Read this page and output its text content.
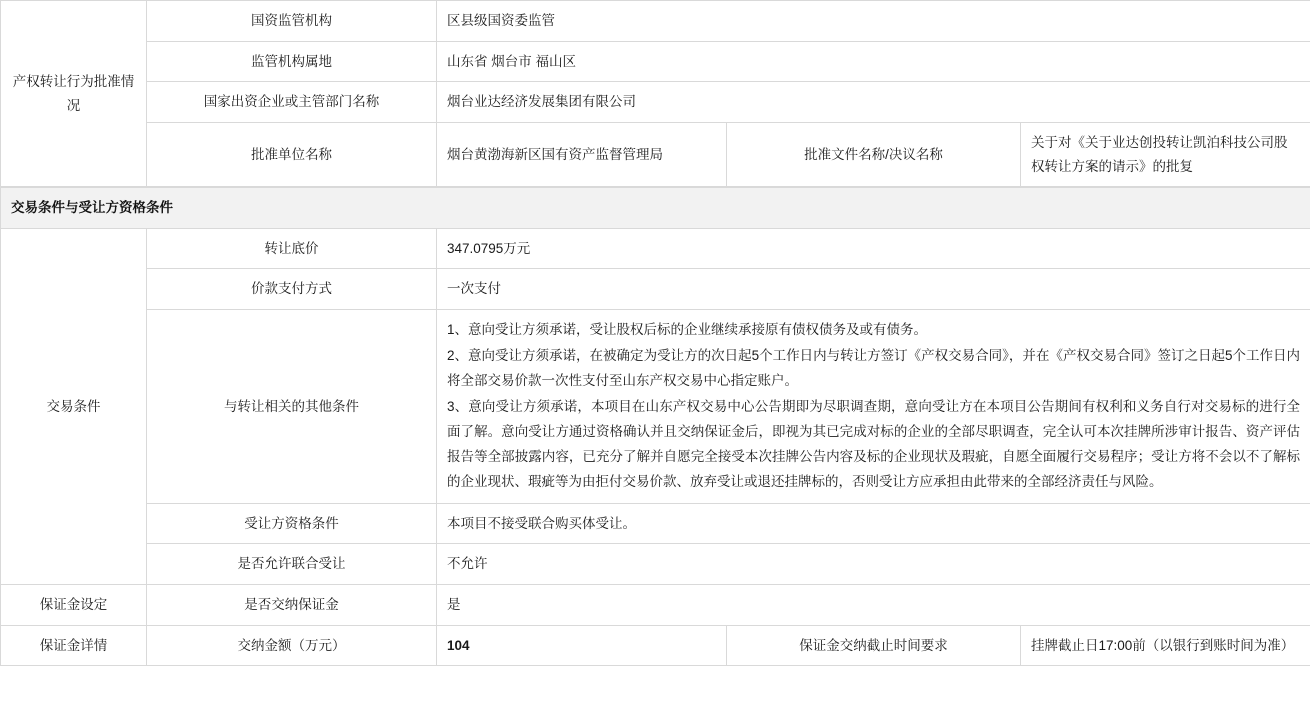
产权转让行为批准情况	国资监管机构	区县级国资委监管		
	监管机构属地	山东省 烟台市 福山区		
	国家出资企业或主管部门名称	烟台业达经济发展集团有限公司		
	批准单位名称	烟台黄渤海新区国有资产监督管理局	批准文件名称/决议名称	关于对《关于业达创投转让凯泊科技公司股权转让方案的请示》的批复
交易条件与受让方资格条件				
交易条件	转让底价	347.0795万元		
	价款支付方式	一次支付		
	与转让相关的其他条件	1、意向受让方须承诺，受让股权后标的企业继续承接原有债权债务及或有债务。

2、意向受让方须承诺，在被确定为受让方的次日起5个工作日内与转让方签订《产权交易合同》，并在《产权交易合同》签订之日起5个工作日内将全部交易价款一次性支付至山东产权交易中心指定账户。

3、意向受让方须承诺，本项目在山东产权交易中心公告期即为尽职调查期，意向受让方在本项目公告期间有权利和义务自行对交易标的进行全面了解。意向受让方通过资格确认并且交纳保证金后，即视为其已完成对标的企业的全部尽职调查，完全认可本次挂牌所涉审计报告、资产评估报告等全部披露内容，已充分了解并自愿完全接受本次挂牌公告内容及标的企业现状及瑕疵，自愿全面履行交易程序；受让方将不会以不了解标的企业现状、瑕疵等为由拒付交易价款、放弃受让或退还挂牌标的，否则受让方应承担由此带来的全部经济责任与风险。		

	受让方资格条件	本项目不接受联合购买体受让。		
	是否允许联合受让	不允许		
保证金设定	是否交纳保证金	是		
保证金详情	交纳金额（万元）	104	保证金交纳截止时间要求	挂牌截止日17:00前（以银行到账时间为准）
